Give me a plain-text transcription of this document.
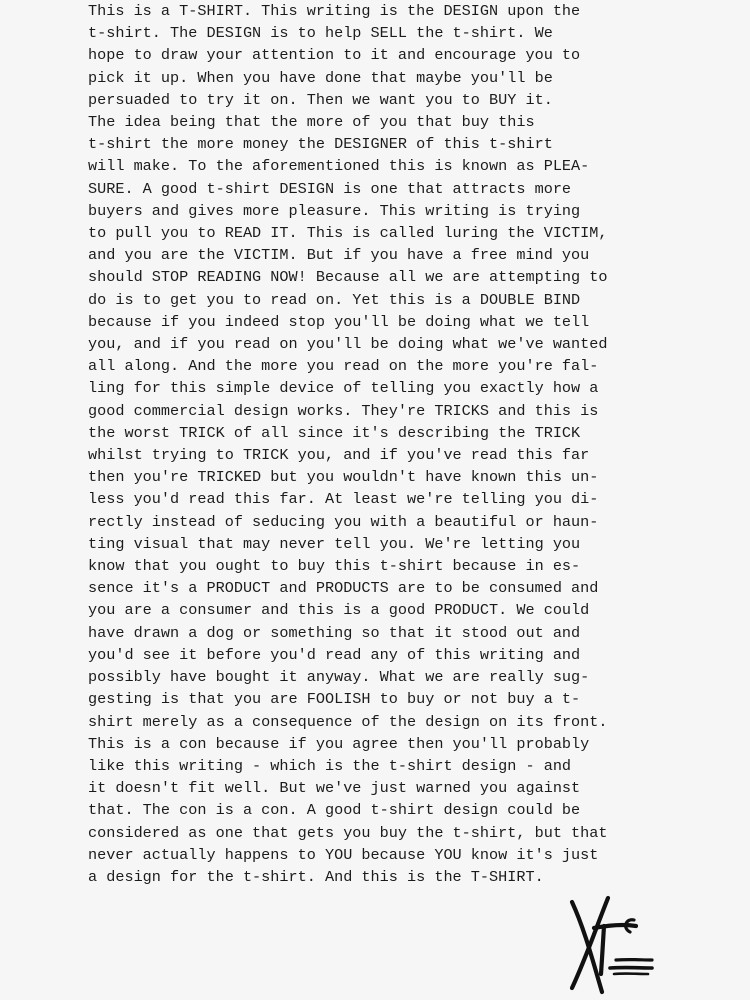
This is a T-SHIRT. This writing is the DESIGN upon the
t-shirt. The DESIGN is to help SELL the t-shirt. We
hope to draw your attention to it and encourage you to
pick it up. When you have done that maybe you'll be
persuaded to try it on. Then we want you to BUY it.
The idea being that the more of you that buy this
t-shirt the more money the DESIGNER of this t-shirt
will make. To the aforementioned this is known as PLEA-
SURE. A good t-shirt DESIGN is one that attracts more
buyers and gives more pleasure. This writing is trying
to pull you to READ IT. This is called luring the VICTIM,
and you are the VICTIM. But if you have a free mind you
should STOP READING NOW! Because all we are attempting to
do is to get you to read on. Yet this is a DOUBLE BIND
because if you indeed stop you'll be doing what we tell
you, and if you read on you'll be doing what we've wanted
all along. And the more you read on the more you're fal-
ling for this simple device of telling you exactly how a
good commercial design works. They're TRICKS and this is
the worst TRICK of all since it's describing the TRICK
whilst trying to TRICK you, and if you've read this far
then you're TRICKED but you wouldn't have known this un-
less you'd read this far. At least we're telling you di-
rectly instead of seducing you with a beautiful or haun-
ting visual that may never tell you. We're letting you
know that you ought to buy this t-shirt because in es-
sence it's a PRODUCT and PRODUCTS are to be consumed and
you are a consumer and this is a good PRODUCT. We could
have drawn a dog or something so that it stood out and
you'd see it before you'd read any of this writing and
possibly have bought it anyway. What we are really sug-
gesting is that you are FOOLISH to buy or not buy a t-
shirt merely as a consequence of the design on its front.
This is a con because if you agree then you'll probably
like this writing - which is the t-shirt design - and
it doesn't fit well. But we've just warned you against
that. The con is a con. A good t-shirt design could be
considered as one that gets you buy the t-shirt, but that
never actually happens to YOU because YOU know it's just
a design for the t-shirt. And this is the T-SHIRT.
